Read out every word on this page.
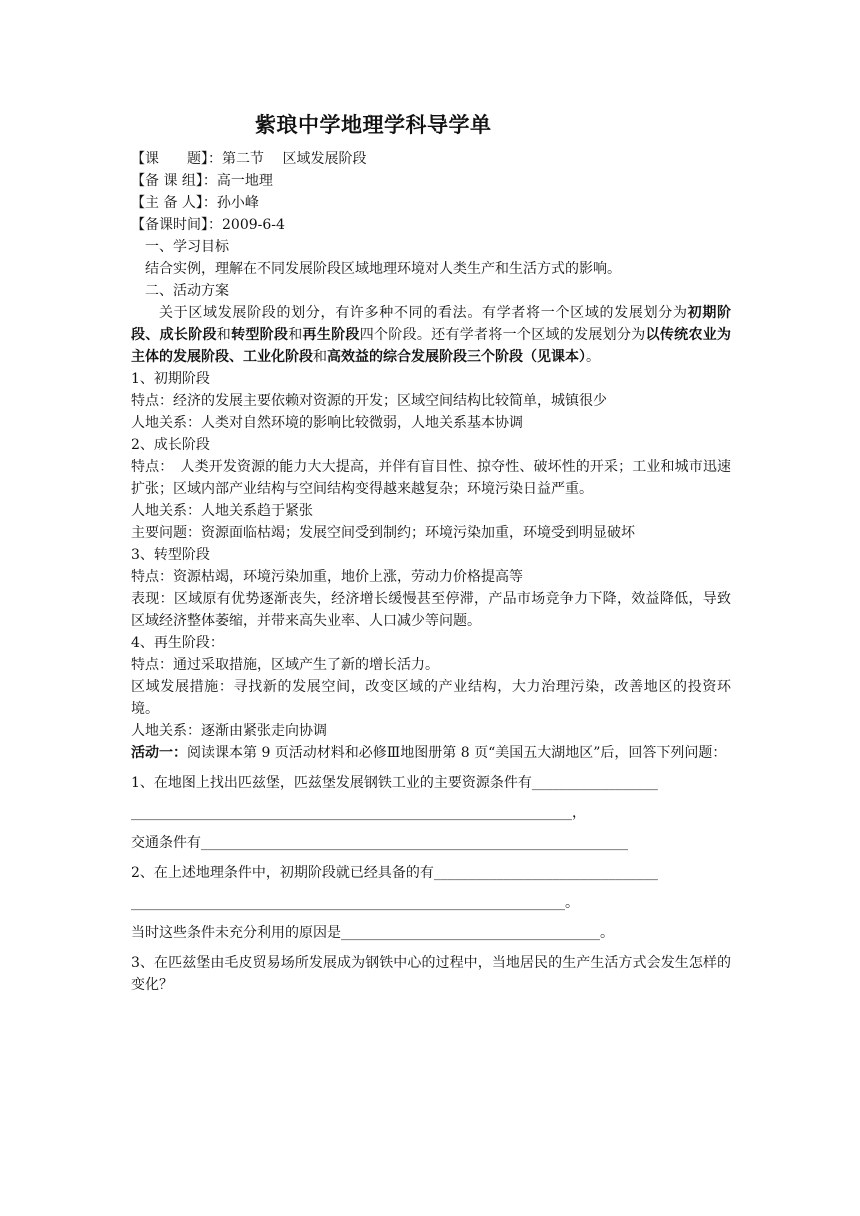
紫琅中学地理学科导学单
【课　　题】：第二节　 区域发展阶段
【备 课 组】：高一地理
【主 备 人】：孙小峰
【备课时间】：2009-6-4
一、学习目标
结合实例，理解在不同发展阶段区域地理环境对人类生产和生活方式的影响。
二、活动方案
关于区域发展阶段的划分，有许多种不同的看法。有学者将一个区域的发展划分为初期阶段、成长阶段和转型阶段和再生阶段四个阶段。还有学者将一个区域的发展划分为以传统农业为主体的发展阶段、工业化阶段和高效益的综合发展阶段三个阶段（见课本）。
1、初期阶段
特点：经济的发展主要依赖对资源的开发；区域空间结构比较简单，城镇很少
人地关系：人类对自然环境的影响比较微弱，人地关系基本协调
2、成长阶段
特点：　人类开发资源的能力大大提高，并伴有盲目性、掠夺性、破坏性的开采；工业和城市迅速扩张；区域内部产业结构与空间结构变得越来越复杂；环境污染日益严重。
人地关系：人地关系趋于紧张
主要问题：资源面临枯竭；发展空间受到制约；环境污染加重，环境受到明显破坏
3、转型阶段
特点：资源枯竭，环境污染加重，地价上涨，劳动力价格提高等
表现：区域原有优势逐渐丧失，经济增长缓慢甚至停滞，产品市场竞争力下降，效益降低，导致区域经济整体萎缩，并带来高失业率、人口减少等问题。
4、再生阶段：
特点：通过采取措施，区域产生了新的增长活力。
区域发展措施：寻找新的发展空间，改变区域的产业结构，大力治理污染，改善地区的投资环境。
人地关系：逐渐由紧张走向协调
活动一：阅读课本第 9 页活动材料和必修Ⅲ地图册第 8 页“美国五大湖地区”后，回答下列问题：
1、在地图上找出匹兹堡，匹兹堡发展钢铁工业的主要资源条件有__________________
_______________________________________________________________，
交通条件有_____________________________________________________________
2、在上述地理条件中，初期阶段就已经具备的有________________________________
______________________________________________________________。
当时这些条件未充分利用的原因是_____________________________________。
3、在匹兹堡由毛皮贸易场所发展成为钢铁中心的过程中，当地居民的生产生活方式会发生怎样的变化？
